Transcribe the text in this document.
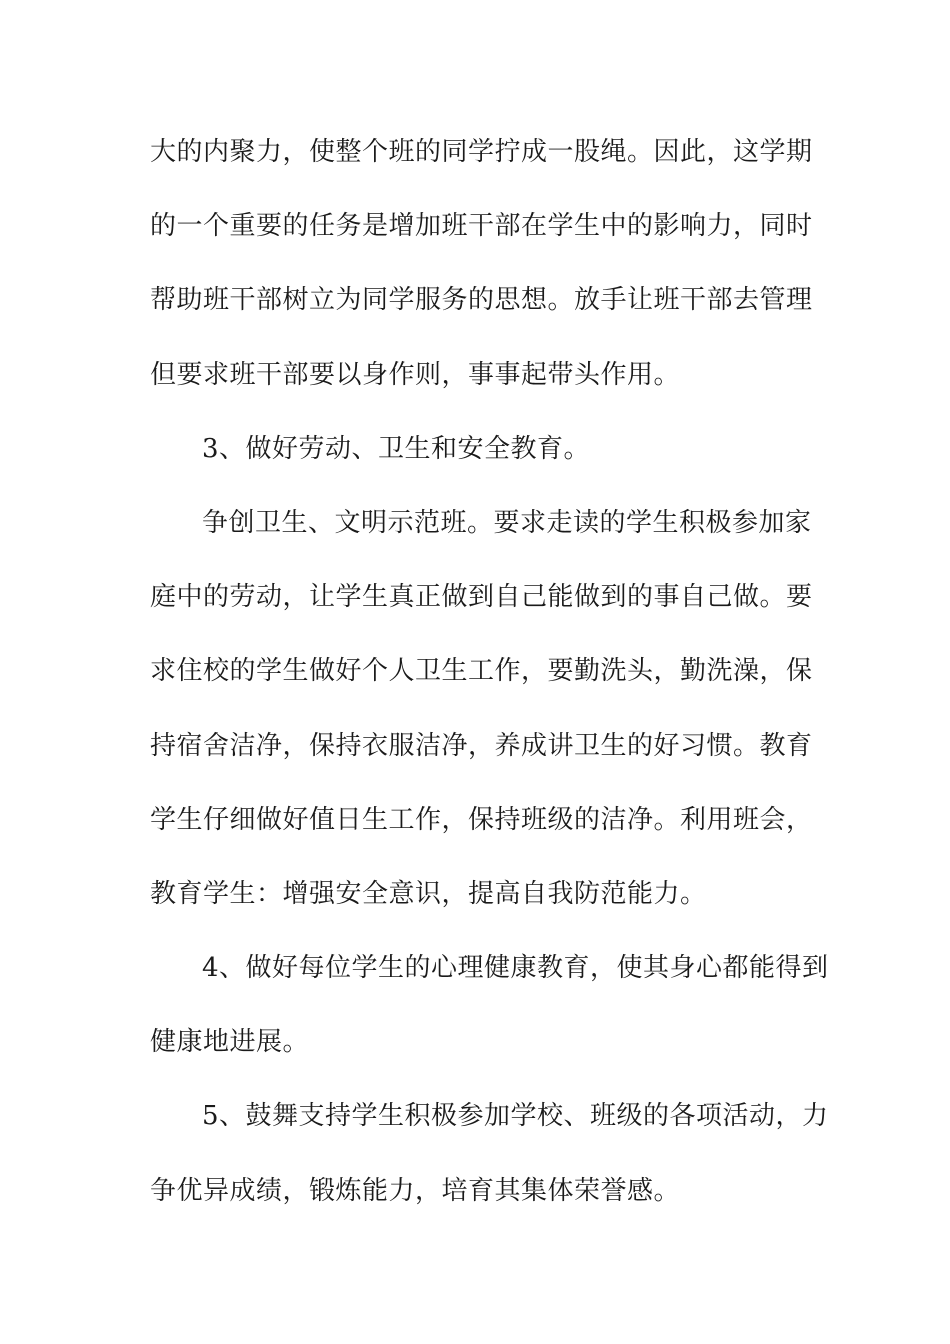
大的内聚力，使整个班的同学拧成一股绳。因此，这学期
的一个重要的任务是增加班干部在学生中的影响力，同时
帮助班干部树立为同学服务的思想。放手让班干部去管理
但要求班干部要以身作则，事事起带头作用。
3、做好劳动、卫生和安全教育。
争创卫生、文明示范班。要求走读的学生积极参加家
庭中的劳动，让学生真正做到自己能做到的事自己做。要
求住校的学生做好个人卫生工作，要勤洗头，勤洗澡，保
持宿舍洁净，保持衣服洁净，养成讲卫生的好习惯。教育
学生仔细做好值日生工作，保持班级的洁净。利用班会，
教育学生：增强安全意识，提高自我防范能力。
4、做好每位学生的心理健康教育，使其身心都能得到
健康地进展。
5、鼓舞支持学生积极参加学校、班级的各项活动，力
争优异成绩，锻炼能力，培育其集体荣誉感。
